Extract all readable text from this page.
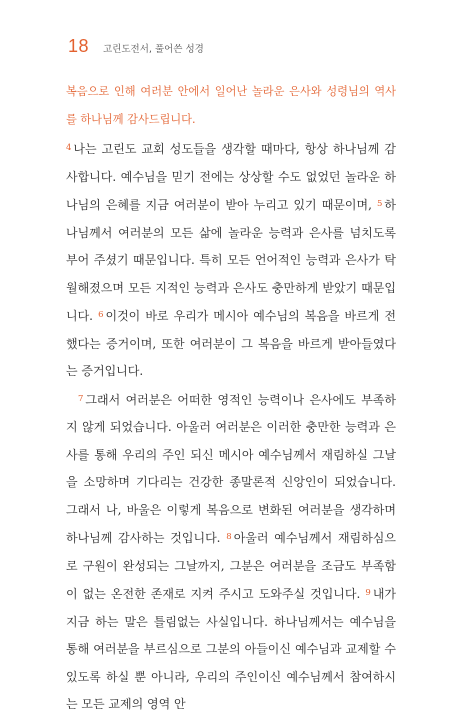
18 고린도전서, 풀어쓴 성경

복음으로 인해 여러분 안에서 일어난 놀라운 은사와 성령님의 역사를 하나님께 감사드립니다.

$^4$ 나는 고린도 교회 성도들을 생각할 때마다, 항상 하나님께 감사합니다. 예수님을 믿기 전에는 상상할 수도 없었던 놀라운 하나님의 은혜를 지금 여러분이 받아 누리고 있기 때문이며, $^5$ 하나님께서 여러분의 모든 삶에 놀라운 능력과 은사를 넘치도록 부어 주셨기 때문입니다. 특히 모든 언어적인 능력과 은사가 탁월해졌으며 모든 지적인 능력과 은사도 충만하게 받았기 때문입니다. $^6$ 이것이 바로 우리가 메시아 예수님의 복음을 바르게 전했다는 증거이며, 또한 여러분이 그 복음을 바르게 받아들였다는 증거입니다.

$^7$ 그래서 여러분은 어떠한 영적인 능력이나 은사에도 부족하지 않게 되었습니다. 아울러 여러분은 이러한 충만한 능력과 은사를 통해 우리의 주인 되신 메시아 예수님께서 재림하실 그날을 소망하며 기다리는 건강한 종말론적 신앙인이 되었습니다. 그래서 나, 바울은 이렇게 복음으로 변화된 여러분을 생각하며 하나님께 감사하는 것입니다. $^8$ 아울러 예수님께서 재림하심으로 구원이 완성되는 그날까지, 그분은 여러분을 조금도 부족함이 없는 온전한 존재로 지켜 주시고 도와주실 것입니다. $^9$ 내가 지금 하는 말은 틀림없는 사실입니다. 하나님께서는 예수님을 통해 여러분을 부르심으로 그분의 아들이신 예수님과 교제할 수 있도록 하실 뿐 아니라, 우리의 주인이신 예수님께서 참여하시는 모든 교제의 영역 안
